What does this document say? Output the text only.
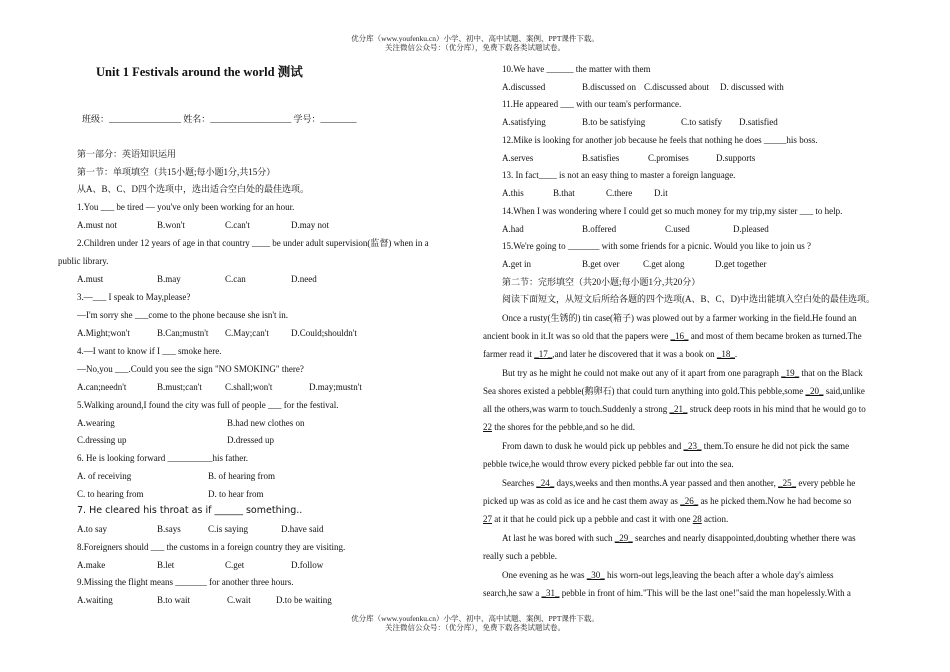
优分库（www.youfenku.cn）小学、初中、高中试题、案例、PPT课件下载。
关注微信公众号：（优分库），免费下载各类试题试卷。
Unit 1 Festivals around the world 测试
班级：________________ 姓名：__________________ 学号：________
第一部分：英语知识运用
第一节：单项填空（共15小题;每小题1分,共15分）
从A、B、C、D四个选项中，选出适合空白处的最佳选项。
1.You ___ be tired — you've only been working for an hour.
A.must not	B.won't	C.can't	D.may not
2.Children under 12 years of age in that country ____ be under adult supervision(监督) when in a
public library.
A.must	B.may	C.can	D.need
3.—___ I speak to May,please?
—I'm sorry she ___come to the phone because she isn't in.
A.Might;won't	B.Can;mustn't C.May;can't D.Could;shouldn't
4.—I want to know if I ___ smoke here.
—No,you ___.Could you see the sign "NO SMOKING" there?
A.can;needn't	B.must;can't	C.shall;won't	D.may;mustn't
5.Walking around,I found the city was full of people ___ for the festival.
A.wearing	B.had new clothes on
C.dressing up	D.dressed up
6. He is looking forward __________his father.
A. of receiving	B. of hearing from
C. to hearing from	D. to hear from
7. He cleared his throat as if ______ something..
A.to say	B.says	C.is saying	D.have said
8.Foreigners should ___ the customs in a foreign country they are visiting.
A.make	B.let	C.get	D.follow
9.Missing the flight means _______ for another three hours.
A.waiting	B.to wait	C.wait	D.to be waiting
10.We have ______ the matter with them
A.discussed	B.discussed on C.discussed about D. discussed with
11.He appeared ___ with our team's performance.
A.satisfying	B.to be satisfying	C.to satisfy D.satisfied
12.Mike is looking for another job because he feels that nothing he does _____his boss.
A.serves	B.satisfies	C.promises	D.supports
13. In fact____ is not an easy thing to master a foreign language.
A.this	B.that	C.there D.it
14.When I was wondering where I could get so much money for my trip,my sister ___ to help.
A.had	B.offered	C.used	D.pleased
15.We're going to _______ with some friends for a picnic. Would you like to join us ?
A.get in	B.get over	C.get along	D.get together
第二节：完形填空（共20小题;每小题1分,共20分）
阅读下面短文，从短文后所给各题的四个选项(A、B、C、D)中选出能填入空白处的最佳选项。
Once a rusty(生锈的) tin case(箱子) was plowed out by a farmer working in the field.He found an
ancient book in it.It was so old that the papers were _16_ and most of them became broken as turned.The
farmer read it _17_,and later he discovered that it was a book on _18_.
But try as he might he could not make out any of it apart from one paragraph _19_ that on the Black
Sea shores existed a pebble(鹅卵石) that could turn anything into gold.This pebble,some _20_ said,unlike
all the others,was warm to touch.Suddenly a strong _21_ struck deep roots in his mind that he would go to
22 the shores for the pebble,and so he did.
From dawn to dusk he would pick up pebbles and _23_ them.To ensure he did not pick the same
pebble twice,he would throw every picked pebble far out into the sea.
Searches _24_ days,weeks and then months.A year passed and then another, _25_ every pebble he
picked up was as cold as ice and he cast them away as _26_ as he picked them.Now he had become so
27 at it that he could pick up a pebble and cast it with one 28 action.
At last he was bored with such _29_ searches and nearly disappointed,doubting whether there was
really such a pebble.
One evening as he was _30_ his worn-out legs,leaving the beach after a whole day's aimless
search,he saw a _31_ pebble in front of him."This will be the last one!"said the man hopelessly.With a
优分库（www.youfenku.cn）小学、初中、高中试题、案例、PPT课件下载。
关注微信公众号：（优分库），免费下载各类试题试卷。
